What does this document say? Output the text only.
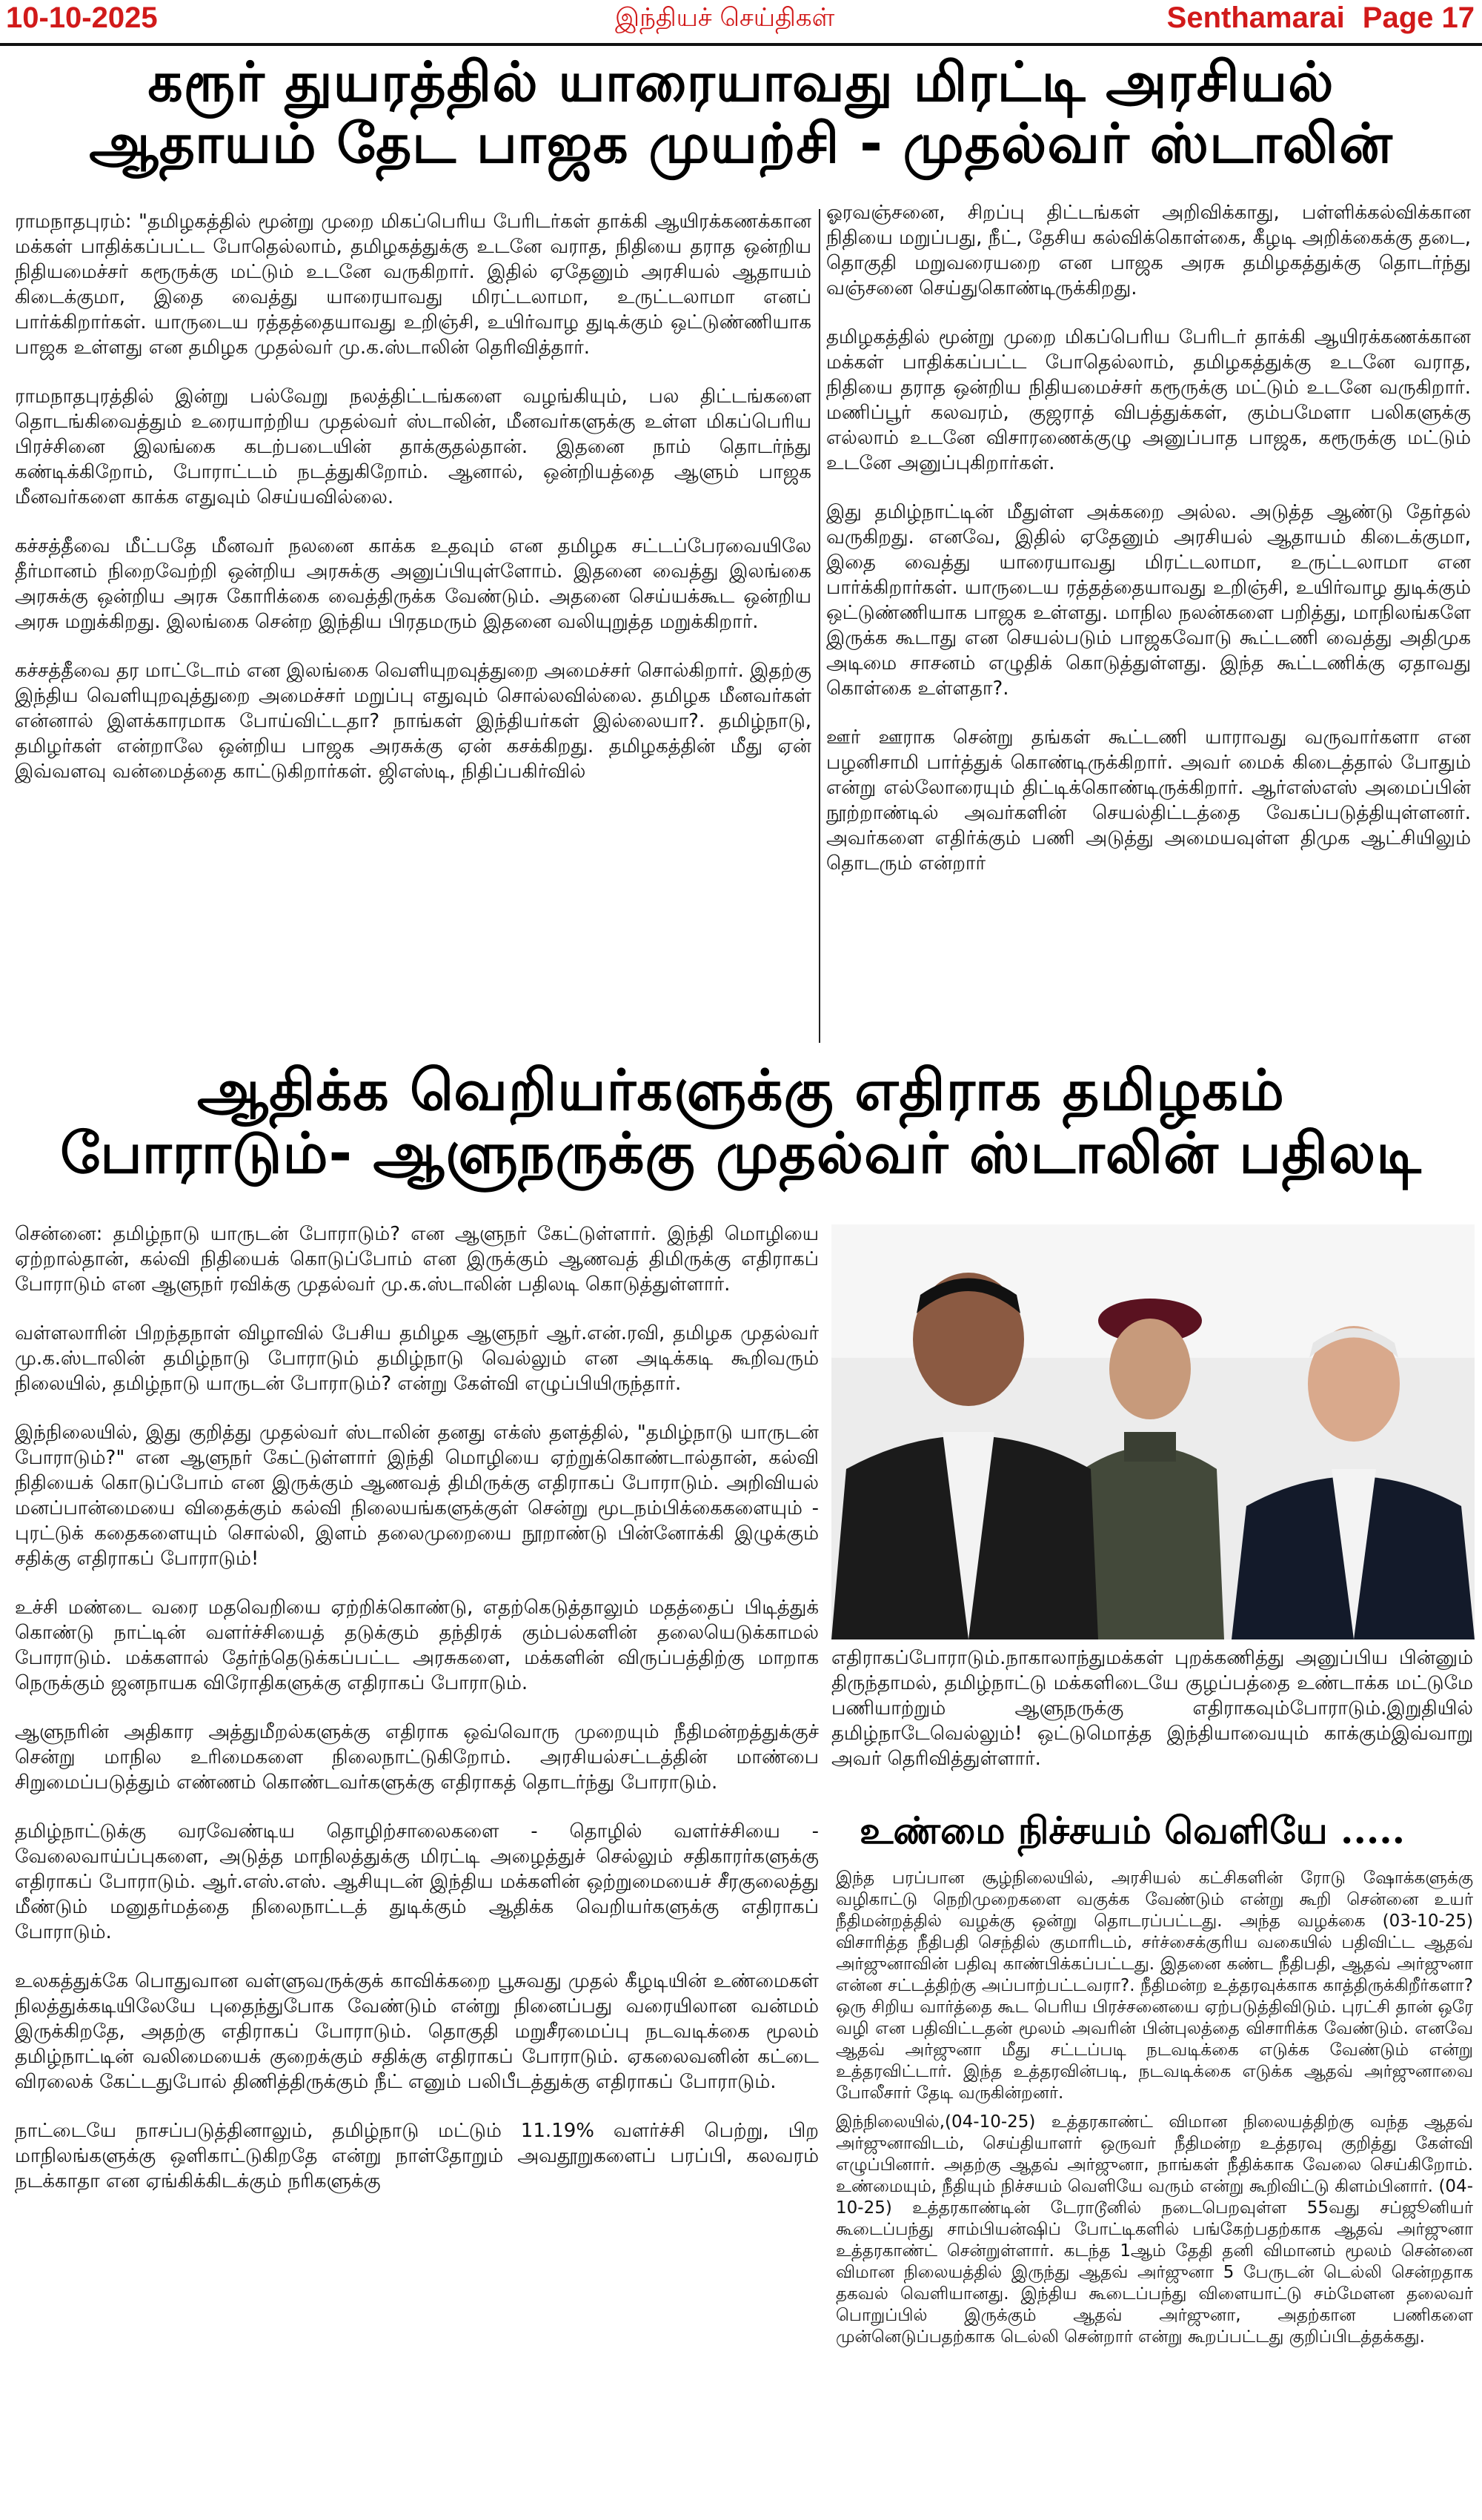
10-10-2025	இந்தியச் செய்திகள்	Senthamarai Page 17
கரூர் துயரத்தில் யாரையாவது மிரட்டி அரசியல்
ஆதாயம் தேட பாஜக முயற்சி - முதல்வர் ஸ்டாலின்

ராமநாதபுரம்: "தமிழகத்தில் மூன்று முறை மிகப்பெரிய பேரிடர்கள் தாக்கி ஆயிரக்கணக்கான மக்கள் பாதிக்கப்பட்ட போதெல்லாம், தமிழகத்துக்கு உடனே வராத, நிதியை தராத ஒன்றிய நிதியமைச்சர் கரூருக்கு மட்டும் உடனே வருகிறார். இதில் ஏதேனும் அரசியல் ஆதாயம் கிடைக்குமா, இதை வைத்து யாரையாவது மிரட்டலாமா, உருட்டலாமா எனப் பார்க்கிறார்கள். யாருடைய ரத்தத்தையாவது உறிஞ்சி, உயிர்வாழ துடிக்கும் ஒட்டுண்ணியாக பாஜக உள்ளது என தமிழக முதல்வர் மு.க.ஸ்டாலின் தெரிவித்தார்.

ராமநாதபுரத்தில் இன்று பல்வேறு நலத்திட்டங்களை வழங்கியும், பல திட்டங்களை தொடங்கிவைத்தும் உரையாற்றிய முதல்வர் ஸ்டாலின், மீனவர்களுக்கு உள்ள மிகப்பெரிய பிரச்சினை இலங்கை கடற்படையின் தாக்குதல்தான். இதனை நாம் தொடர்ந்து கண்டிக்கிறோம், போராட்டம் நடத்துகிறோம். ஆனால், ஒன்றியத்தை ஆளும் பாஜக மீனவர்களை காக்க எதுவும் செய்யவில்லை.

கச்சத்தீவை மீட்பதே மீனவர் நலனை காக்க உதவும் என தமிழக சட்டப்பேரவையிலே தீர்மானம் நிறைவேற்றி ஒன்றிய அரசுக்கு அனுப்பியுள்ளோம். இதனை வைத்து இலங்கை அரசுக்கு ஒன்றிய அரசு கோரிக்கை வைத்திருக்க வேண்டும். அதனை செய்யக்கூட ஒன்றிய அரசு மறுக்கிறது. இலங்கை சென்ற இந்திய பிரதமரும் இதனை வலியுறுத்த மறுக்கிறார்.

கச்சத்தீவை தர மாட்டோம் என இலங்கை வெளியுறவுத்துறை அமைச்சர் சொல்கிறார். இதற்கு இந்திய வெளியுறவுத்துறை அமைச்சர் மறுப்பு எதுவும் சொல்லவில்லை. தமிழக மீனவர்கள் என்னால் இளக்காரமாக போய்விட்டதா? நாங்கள் இந்தியர்கள் இல்லையா?. தமிழ்நாடு, தமிழர்கள் என்றாலே ஒன்றிய பாஜக அரசுக்கு ஏன் கசக்கிறது. தமிழகத்தின் மீது ஏன் இவ்வளவு வன்மைத்தை காட்டுகிறார்கள். ஜிஎஸ்டி, நிதிப்பகிர்வில்

ஓரவஞ்சனை, சிறப்பு திட்டங்கள் அறிவிக்காது, பள்ளிக்கல்விக்கான நிதியை மறுப்பது, நீட், தேசிய கல்விக்கொள்கை, கீழடி அறிக்கைக்கு தடை, தொகுதி மறுவரையறை என பாஜக அரசு தமிழகத்துக்கு தொடர்ந்து வஞ்சனை செய்துகொண்டிருக்கிறது.

தமிழகத்தில் மூன்று முறை மிகப்பெரிய பேரிடர் தாக்கி ஆயிரக்கணக்கான மக்கள் பாதிக்கப்பட்ட போதெல்லாம், தமிழகத்துக்கு உடனே வராத, நிதியை தராத ஒன்றிய நிதியமைச்சர் கரூருக்கு மட்டும் உடனே வருகிறார். மணிப்பூர் கலவரம், குஜராத் விபத்துக்கள், கும்பமேளா பலிகளுக்கு எல்லாம் உடனே விசாரணைக்குழு அனுப்பாத பாஜக, கரூருக்கு மட்டும் உடனே அனுப்புகிறார்கள்.

இது தமிழ்நாட்டின் மீதுள்ள அக்கறை அல்ல. அடுத்த ஆண்டு தேர்தல் வருகிறது. எனவே, இதில் ஏதேனும் அரசியல் ஆதாயம் கிடைக்குமா, இதை வைத்து யாரையாவது மிரட்டலாமா, உருட்டலாமா என பார்க்கிறார்கள். யாருடைய ரத்தத்தையாவது உறிஞ்சி, உயிர்வாழ துடிக்கும் ஒட்டுண்ணியாக பாஜக உள்ளது. மாநில நலன்களை பறித்து, மாநிலங்களே இருக்க கூடாது என செயல்படும் பாஜகவோடு கூட்டணி வைத்து அதிமுக அடிமை சாசனம் எழுதிக் கொடுத்துள்ளது. இந்த கூட்டணிக்கு ஏதாவது கொள்கை உள்ளதா?.

ஊர் ஊராக சென்று தங்கள் கூட்டணி யாராவது வருவார்களா என பழனிசாமி பார்த்துக் கொண்டிருக்கிறார். அவர் மைக் கிடைத்தால் போதும் என்று எல்லோரையும் திட்டிக்கொண்டிருக்கிறார். ஆர்எஸ்எஸ் அமைப்பின் நூற்றாண்டில் அவர்களின் செயல்திட்டத்தை வேகப்படுத்தியுள்ளனர். அவர்களை எதிர்க்கும் பணி அடுத்து அமையவுள்ள திமுக ஆட்சியிலும் தொடரும் என்றார்

ஆதிக்க வெறியர்களுக்கு எதிராக தமிழகம்
போராடும்- ஆளுநருக்கு முதல்வர் ஸ்டாலின் பதிலடி

சென்னை: தமிழ்நாடு யாருடன் போராடும்? என ஆளுநர் கேட்டுள்ளார். இந்தி மொழியை ஏற்றால்தான், கல்வி நிதியைக் கொடுப்போம் என இருக்கும் ஆணவத் திமிருக்கு எதிராகப் போராடும் என ஆளுநர் ரவிக்கு முதல்வர் மு.க.ஸ்டாலின் பதிலடி கொடுத்துள்ளார்.

வள்ளலாரின் பிறந்தநாள் விழாவில் பேசிய தமிழக ஆளுநர் ஆர்.என்.ரவி, தமிழக முதல்வர் மு.க.ஸ்டாலின் தமிழ்நாடு போராடும் தமிழ்நாடு வெல்லும் என அடிக்கடி கூறிவரும் நிலையில், தமிழ்நாடு யாருடன் போராடும்? என்று கேள்வி எழுப்பியிருந்தார்.

இந்நிலையில், இது குறித்து முதல்வர் ஸ்டாலின் தனது எக்ஸ் தளத்தில், "தமிழ்நாடு யாருடன் போராடும்?" என ஆளுநர் கேட்டுள்ளார் இந்தி மொழியை ஏற்றுக்கொண்டால்தான், கல்வி நிதியைக் கொடுப்போம் என இருக்கும் ஆணவத் திமிருக்கு எதிராகப் போராடும். அறிவியல் மனப்பான்மையை விதைக்கும் கல்வி நிலையங்களுக்குள் சென்று மூடநம்பிக்கைகளையும் - புரட்டுக் கதைகளையும் சொல்லி, இளம் தலைமுறையை நூறாண்டு பின்னோக்கி இழுக்கும் சதிக்கு எதிராகப் போராடும்!

உச்சி மண்டை வரை மதவெறியை ஏற்றிக்கொண்டு, எதற்கெடுத்தாலும் மதத்தைப் பிடித்துக் கொண்டு நாட்டின் வளர்ச்சியைத் தடுக்கும் தந்திரக் கும்பல்களின் தலையெடுக்காமல் போராடும். மக்களால் தேர்ந்தெடுக்கப்பட்ட அரசுகளை, மக்களின் விருப்பத்திற்கு மாறாக நெருக்கும் ஜனநாயக விரோதிகளுக்கு எதிராகப் போராடும்.

ஆளுநரின் அதிகார அத்துமீறல்களுக்கு எதிராக ஒவ்வொரு முறையும் நீதிமன்றத்துக்குச் சென்று மாநில உரிமைகளை நிலைநாட்டுகிறோம். அரசியல்சட்டத்தின் மாண்பை சிறுமைப்படுத்தும் எண்ணம் கொண்டவர்களுக்கு எதிராகத் தொடர்ந்து போராடும்.

தமிழ்நாட்டுக்கு வரவேண்டிய தொழிற்சாலைகளை - தொழில் வளர்ச்சியை - வேலைவாய்ப்புகளை, அடுத்த மாநிலத்துக்கு மிரட்டி அழைத்துச் செல்லும் சதிகாரர்களுக்கு எதிராகப் போராடும். ஆர்.எஸ்.எஸ். ஆசியுடன் இந்திய மக்களின் ஒற்றுமையைச் சீரகுலைத்து மீண்டும் மனுதர்மத்தை நிலைநாட்டத் துடிக்கும் ஆதிக்க வெறியர்களுக்கு எதிராகப் போராடும்.

உலகத்துக்கே பொதுவான வள்ளுவருக்குக் காவிக்கறை பூசுவது முதல் கீழடியின் உண்மைகள் நிலத்துக்கடியிலேயே புதைந்துபோக வேண்டும் என்று நினைப்பது வரையிலான வன்மம் இருக்கிறதே, அதற்கு எதிராகப் போராடும். தொகுதி மறுசீரமைப்பு நடவடிக்கை மூலம் தமிழ்நாட்டின் வலிமையைக் குறைக்கும் சதிக்கு எதிராகப் போராடும். ஏகலைவனின் கட்டை விரலைக் கேட்டதுபோல் திணித்திருக்கும் நீட் எனும் பலிபீடத்துக்கு எதிராகப் போராடும்.

நாட்டையே நாசப்படுத்தினாலும், தமிழ்நாடு மட்டும் 11.19% வளர்ச்சி பெற்று, பிற மாநிலங்களுக்கு ஒளிகாட்டுகிறதே என்று நாள்தோறும் அவதூறுகளைப் பரப்பி, கலவரம் நடக்காதா என ஏங்கிக்கிடக்கும் நரிகளுக்கு

எதிராகப்போராடும்.நாகாலாந்துமக்கள் புறக்கணித்து அனுப்பிய பின்னும் திருந்தாமல், தமிழ்நாட்டு மக்களிடையே குழப்பத்தை உண்டாக்க மட்டுமே பணியாற்றும் ஆளுநருக்கு எதிராகவும்போராடும்.இறுதியில் தமிழ்நாடேவெல்லும்! ஒட்டுமொத்த இந்தியாவையும் காக்கும்இவ்வாறு அவர் தெரிவித்துள்ளார்.

உண்மை நிச்சயம் வெளியே .....

இந்த பரப்பான சூழ்நிலையில், அரசியல் கட்சிகளின் ரோடு ஷோக்களுக்கு வழிகாட்டு நெறிமுறைகளை வகுக்க வேண்டும் என்று கூறி சென்னை உயர் நீதிமன்றத்தில் வழக்கு ஒன்று தொடரப்பட்டது. அந்த வழக்கை (03-10-25) விசாரித்த நீதிபதி செந்தில் குமாரிடம், சர்ச்சைக்குரிய வகையில் பதிவிட்ட ஆதவ் அர்ஜுனாவின் பதிவு காண்பிக்கப்பட்டது. இதனை கண்ட நீதிபதி, ஆதவ் அர்ஜுனா என்ன சட்டத்திற்கு அப்பாற்பட்டவரா?. நீதிமன்ற உத்தரவுக்காக காத்திருக்கிறீர்களா? ஒரு சிறிய வார்த்தை கூட பெரிய பிரச்சனையை ஏற்படுத்திவிடும். புரட்சி தான் ஒரே வழி என பதிவிட்டதன் மூலம் அவரின் பின்புலத்தை விசாரிக்க வேண்டும். எனவே ஆதவ் அர்ஜுனா மீது சட்டப்படி நடவடிக்கை எடுக்க வேண்டும் என்று உத்தரவிட்டார். இந்த உத்தரவின்படி, நடவடிக்கை எடுக்க ஆதவ் அர்ஜுனாவை போலீசார் தேடி வருகின்றனர்.

இந்நிலையில்,(04-10-25) உத்தரகாண்ட் விமான நிலையத்திற்கு வந்த ஆதவ் அர்ஜுனாவிடம், செய்தியாளர் ஒருவர் நீதிமன்ற உத்தரவு குறித்து கேள்வி எழுப்பினார். அதற்கு ஆதவ் அர்ஜுனா, நாங்கள் நீதிக்காக வேலை செய்கிறோம். உண்மையும், நீதியும் நிச்சயம் வெளியே வரும் என்று கூறிவிட்டு கிளம்பினார். (04-10-25) உத்தரகாண்டின் டேராடூனில் நடைபெறவுள்ள 55வது சப்ஜூனியர் கூடைப்பந்து சாம்பியன்ஷிப் போட்டிகளில் பங்கேற்பதற்காக ஆதவ் அர்ஜுனா உத்தரகாண்ட் சென்றுள்ளார். கடந்த 1ஆம் தேதி தனி விமானம் மூலம் சென்னை விமான நிலையத்தில் இருந்து ஆதவ் அர்ஜுனா 5 பேருடன் டெல்லி சென்றதாக தகவல் வெளியானது. இந்திய கூடைப்பந்து விளையாட்டு சம்மேளன தலைவர் பொறுப்பில் இருக்கும் ஆதவ் அர்ஜுனா, அதற்கான பணிகளை முன்னெடுப்பதற்காக டெல்லி சென்றார் என்று கூறப்பட்டது குறிப்பிடத்தக்கது.
